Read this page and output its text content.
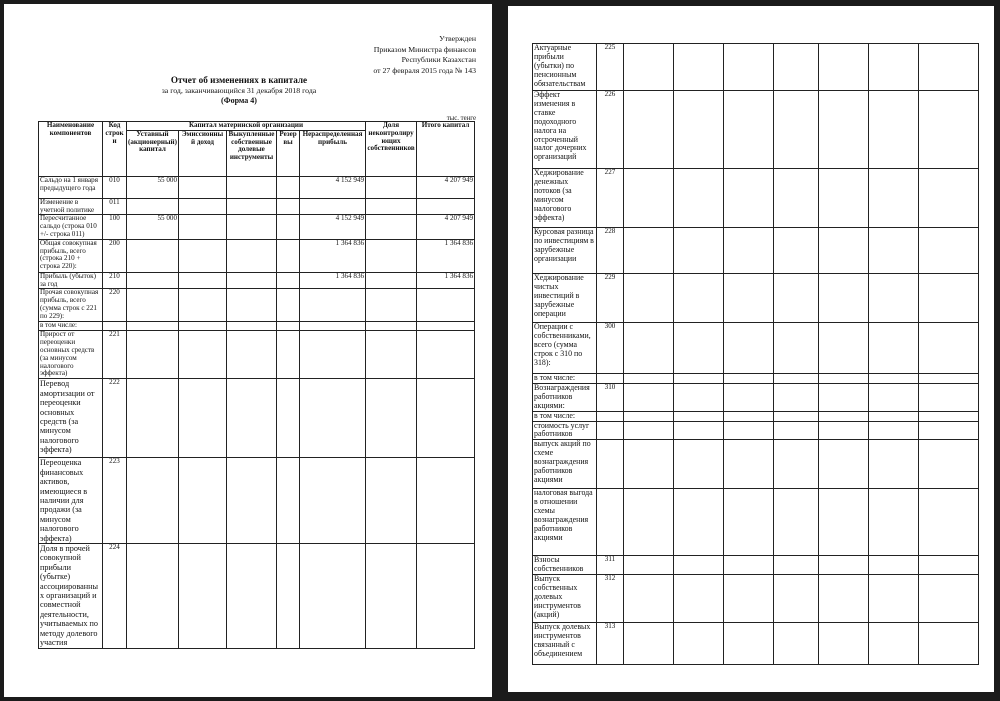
Утвержден
Приказом Министра финансов
Республики Казахстан
от 27 февраля 2015 года № 143
Отчет об изменениях в капитале
за год, заканчивающийся 31 декабря 2018 года
(Форма 4)
тыс. тенге
Наименование компонентов	Код строки	Капитал материнской организации					Доля неконтролирующих собственников	Итого капитал
		Уставный (акционерный) капитал	Эмиссионный доход	Выкупленные собственные долевые инструменты	Резервы	Нераспределенная прибыль		
Сальдо на 1 января предыдущего года	010	55 000				4 152 949		4 207 949
Изменение в учетной политике	011							
Пересчитанное сальдо (строка 010 +/- строка 011)	100	55 000				4 152 949		4 207 949
Общая совокупная прибыль, всего (строка 210 + строка 220):	200					1 364 836		1 364 836
Прибыль (убыток) за год	210					1 364 836		1 364 836
Прочая совокупная прибыль, всего (сумма строк с 221 по 229):	220							
в том числе:								
Прирост от переоценки основных средств (за минусом налогового эффекта)	221							
Перевод амортизации от переоценки основных средств (за минусом налогового эффекта)	222							
Переоценка финансовых активов, имеющиеся в наличии для продажи (за минусом налогового эффекта)	223							
Доля в прочей совокупной прибыли (убытке) ассоциированных организаций и совместной деятельности, учитываемых по методу долевого участия	224							
Актуарные прибыли (убытки) по пенсионным обязательствам	225							
Эффект изменения в ставке подоходного налога на отсроченный налог дочерних организаций	226							
Хеджирование денежных потоков (за минусом налогового эффекта)	227							
Курсовая разница по инвестициям в зарубежные организации	228							
Хеджирование чистых инвестиций в зарубежные операции	229							
Операции с собственниками, всего (сумма строк с 310 по 318):	300							
в том числе:								
Вознаграждения работников акциями:	310							
в том числе:								
стоимость услуг работников								
выпуск акций по схеме вознаграждения работников акциями								
налоговая выгода в отношении схемы вознаграждения работников акциями								
Взносы собственников	311							
Выпуск собственных долевых инструментов (акций)	312							
Выпуск долевых инструментов связанный с объединением	313							
